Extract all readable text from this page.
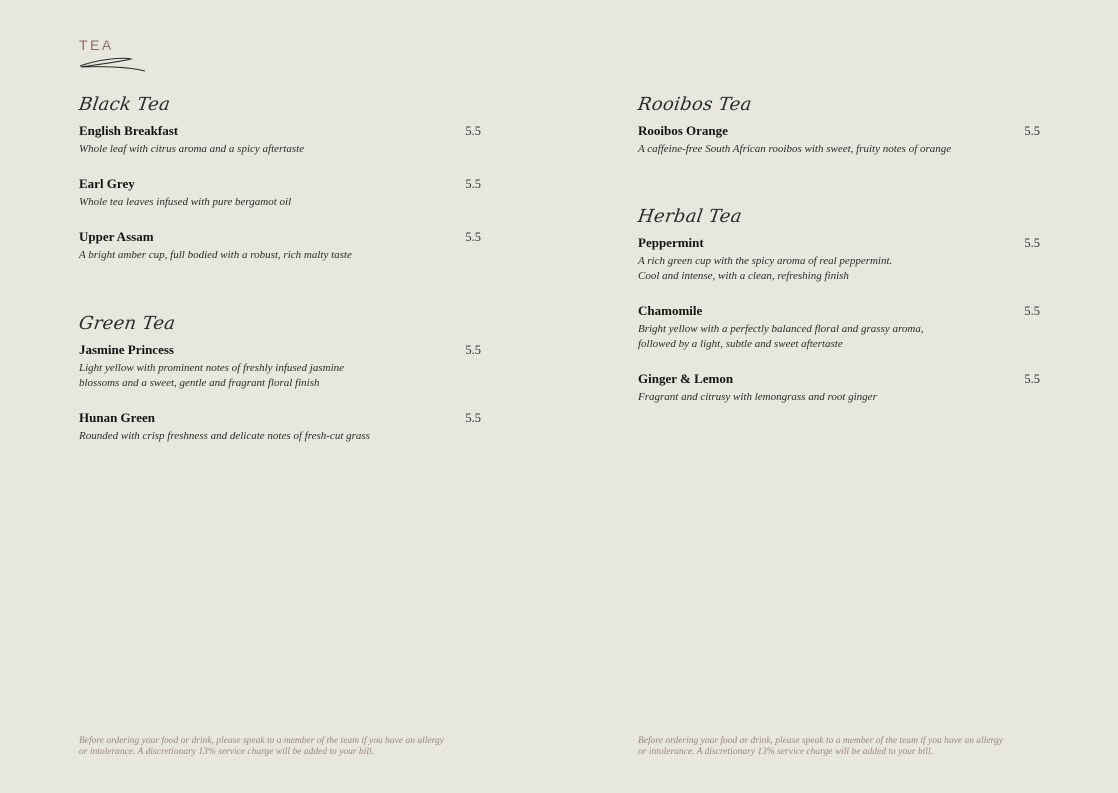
TEA
Black Tea
English Breakfast	5.5
Whole leaf with citrus aroma and a spicy aftertaste
Earl Grey	5.5
Whole tea leaves infused with pure bergamot oil
Upper Assam	5.5
A bright amber cup, full bodied with a robust, rich malty taste
Green Tea
Jasmine Princess	5.5
Light yellow with prominent notes of freshly infused jasmine
blossoms and a sweet, gentle and fragrant floral finish
Hunan Green	5.5
Rounded with crisp freshness and delicate notes of fresh-cut grass
Rooibos Tea
Rooibos Orange	5.5
A caffeine-free South African rooibos with sweet, fruity notes of orange
Herbal Tea
Peppermint	5.5
A rich green cup with the spicy aroma of real peppermint.
Cool and intense, with a clean, refreshing finish
Chamomile	5.5
Bright yellow with a perfectly balanced floral and grassy aroma,
followed by a light, subtle and sweet aftertaste
Ginger & Lemon	5.5
Fragrant and citrusy with lemongrass and root ginger
Before ordering your food or drink, please speak to a member of the team if you have an allergy
or intolerance. A discretionary 13% service charge will be added to your bill.
Before ordering your food or drink, please speak to a member of the team if you have an allergy
or intolerance. A discretionary 13% service charge will be added to your bill.
